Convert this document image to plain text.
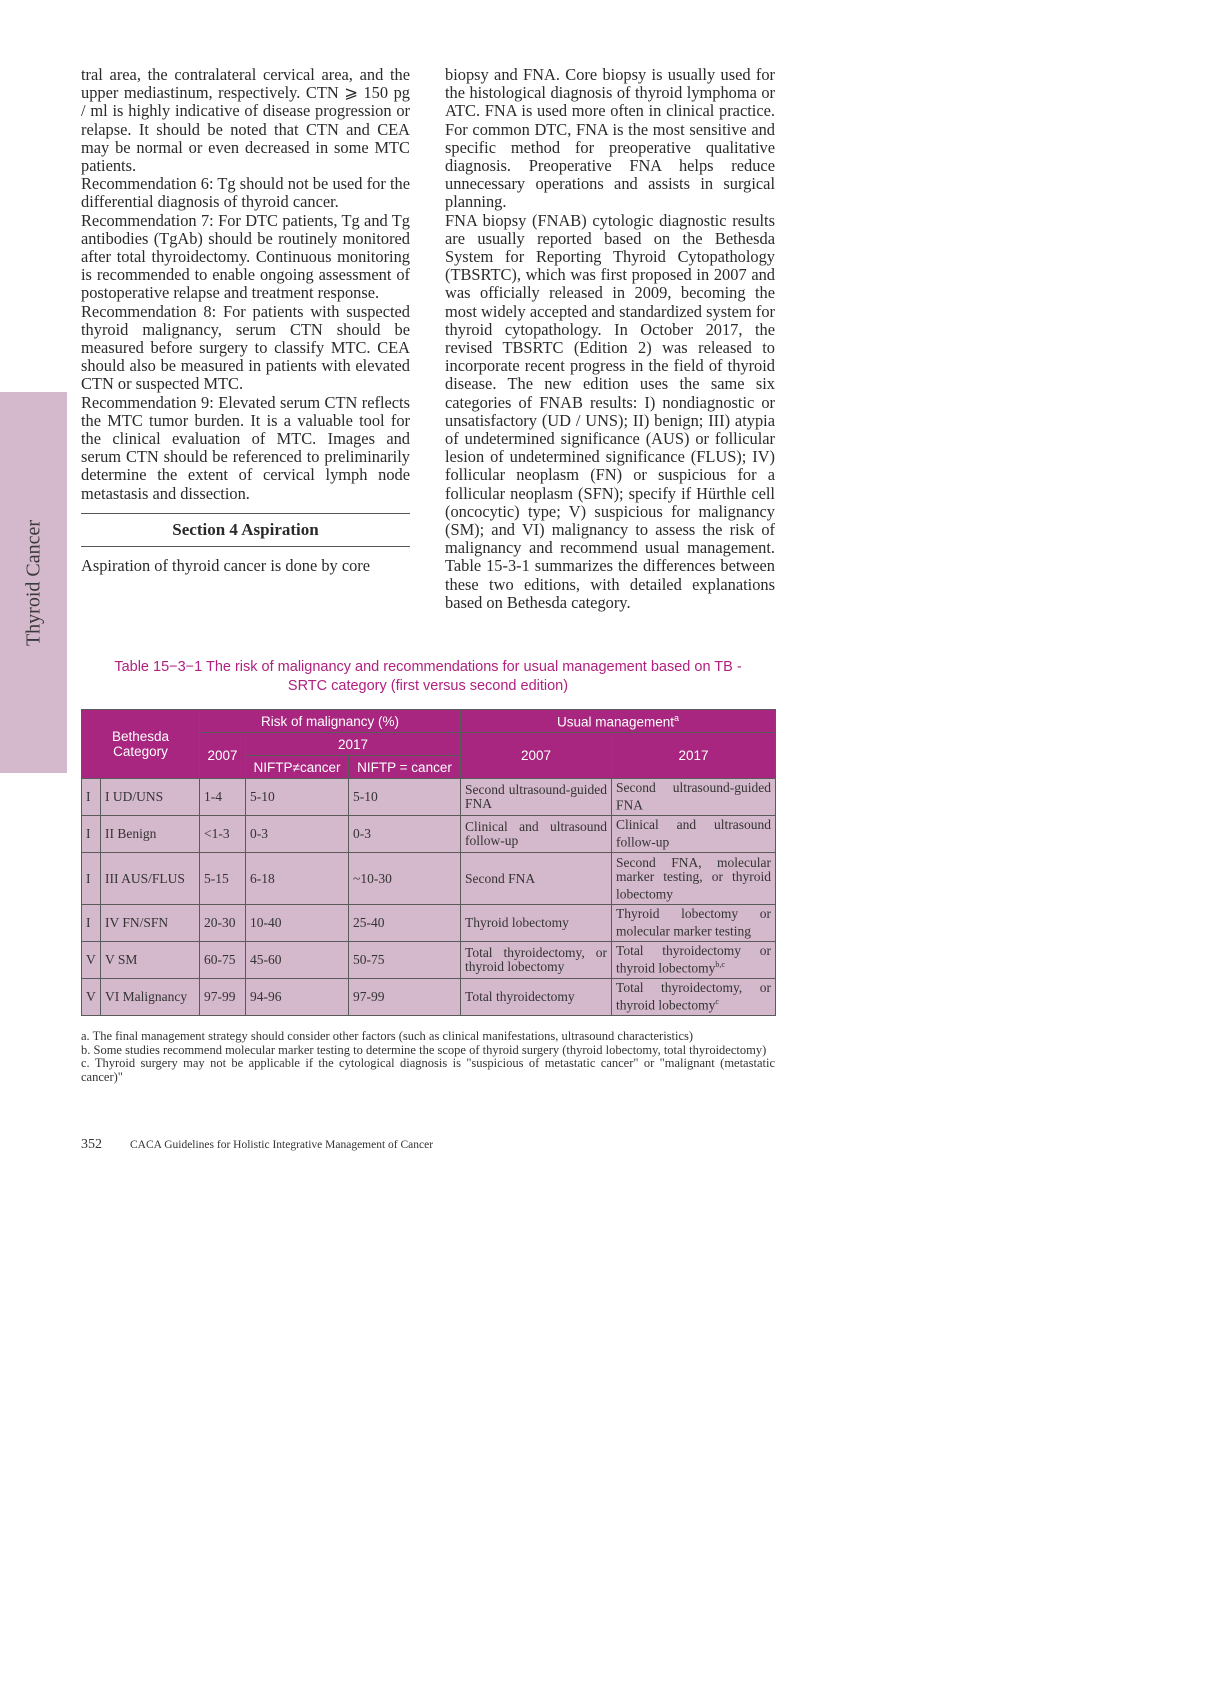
Thyroid Cancer

tral area, the contralateral cervical area, and the upper mediastinum, respectively. CTN ⩾ 150 pg / ml is highly indicative of disease progression or relapse. It should be noted that CTN and CEA may be normal or even decreased in some MTC patients.

Recommendation 6: Tg should not be used for the differential diagnosis of thyroid cancer.

Recommendation 7: For DTC patients, Tg and Tg antibodies (TgAb) should be routinely monitored after total thyroidectomy. Continuous monitoring is recommended to enable ongoing assessment of postoperative relapse and treatment response.

Recommendation 8: For patients with suspected thyroid malignancy, serum CTN should be measured before surgery to classify MTC. CEA should also be measured in patients with elevated CTN or suspected MTC.

Recommendation 9: Elevated serum CTN reflects the MTC tumor burden. It is a valuable tool for the clinical evaluation of MTC. Images and serum CTN should be referenced to preliminarily determine the extent of cervical lymph node metastasis and dissection.

Section 4 Aspiration

Aspiration of thyroid cancer is done by core

biopsy and FNA. Core biopsy is usually used for the histological diagnosis of thyroid lymphoma or ATC. FNA is used more often in clinical practice. For common DTC, FNA is the most sensitive and specific method for preoperative qualitative diagnosis. Preoperative FNA helps reduce unnecessary operations and assists in surgical planning.

FNA biopsy (FNAB) cytologic diagnostic results are usually reported based on the Bethesda System for Reporting Thyroid Cytopathology (TBSRTC), which was first proposed in 2007 and was officially released in 2009, becoming the most widely accepted and standardized system for thyroid cytopathology. In October 2017, the revised TBSRTC (Edition 2) was released to incorporate recent progress in the field of thyroid disease. The new edition uses the same six categories of FNAB results: I) nondiagnostic or unsatisfactory (UD / UNS); II) benign; III) atypia of undetermined significance (AUS) or follicular lesion of undetermined significance (FLUS); IV) follicular neoplasm (FN) or suspicious for a follicular neoplasm (SFN); specify if Hürthle cell (oncocytic) type; V) suspicious for malignancy (SM); and VI) malignancy to assess the risk of malignancy and recommend usual management. Table 15-3-1 summarizes the differences between these two editions, with detailed explanations based on Bethesda category.

Table 15−3−1 The risk of malignancy and recommendations for usual management based on TB -
SRTC category (first versus second edition)
Bethesda Category		Risk of malignancy (%)			Usual management$^a$
		2007	2017		2007	2017
			NIFTP≠cancer	NIFTP = cancer		
I	I UD/UNS	1-4	5-10	5-10	Second ultrasound-guided FNA	Second ultrasound-guided FNA
I	II Benign	<1-3	0-3	0-3	Clinical and ultrasound follow-up	Clinical and ultrasound follow-up
I	III AUS/FLUS	5-15	6-18	~10-30	Second FNA	Second FNA, molecular marker testing, or thyroid lobectomy
I	IV FN/SFN	20-30	10-40	25-40	Thyroid lobectomy	Thyroid lobectomy or molecular marker testing
V	V SM	60-75	45-60	50-75	Total thyroidectomy, or thyroid lobectomy	Total thyroidectomy or thyroid lobectomy$^{b,c}$
V	VI Malignancy	97-99	94-96	97-99	Total thyroidectomy	Total thyroidectomy, or thyroid lobectomy$^c$

a. The final management strategy should consider other factors (such as clinical manifestations, ultrasound characteristics)

b. Some studies recommend molecular marker testing to determine the scope of thyroid surgery (thyroid lobectomy, total thyroidectomy)

c. Thyroid surgery may not be applicable if the cytological diagnosis is "suspicious of metastatic cancer" or "malignant (metastatic cancer)"

352 CACA Guidelines for Holistic Integrative Management of Cancer
